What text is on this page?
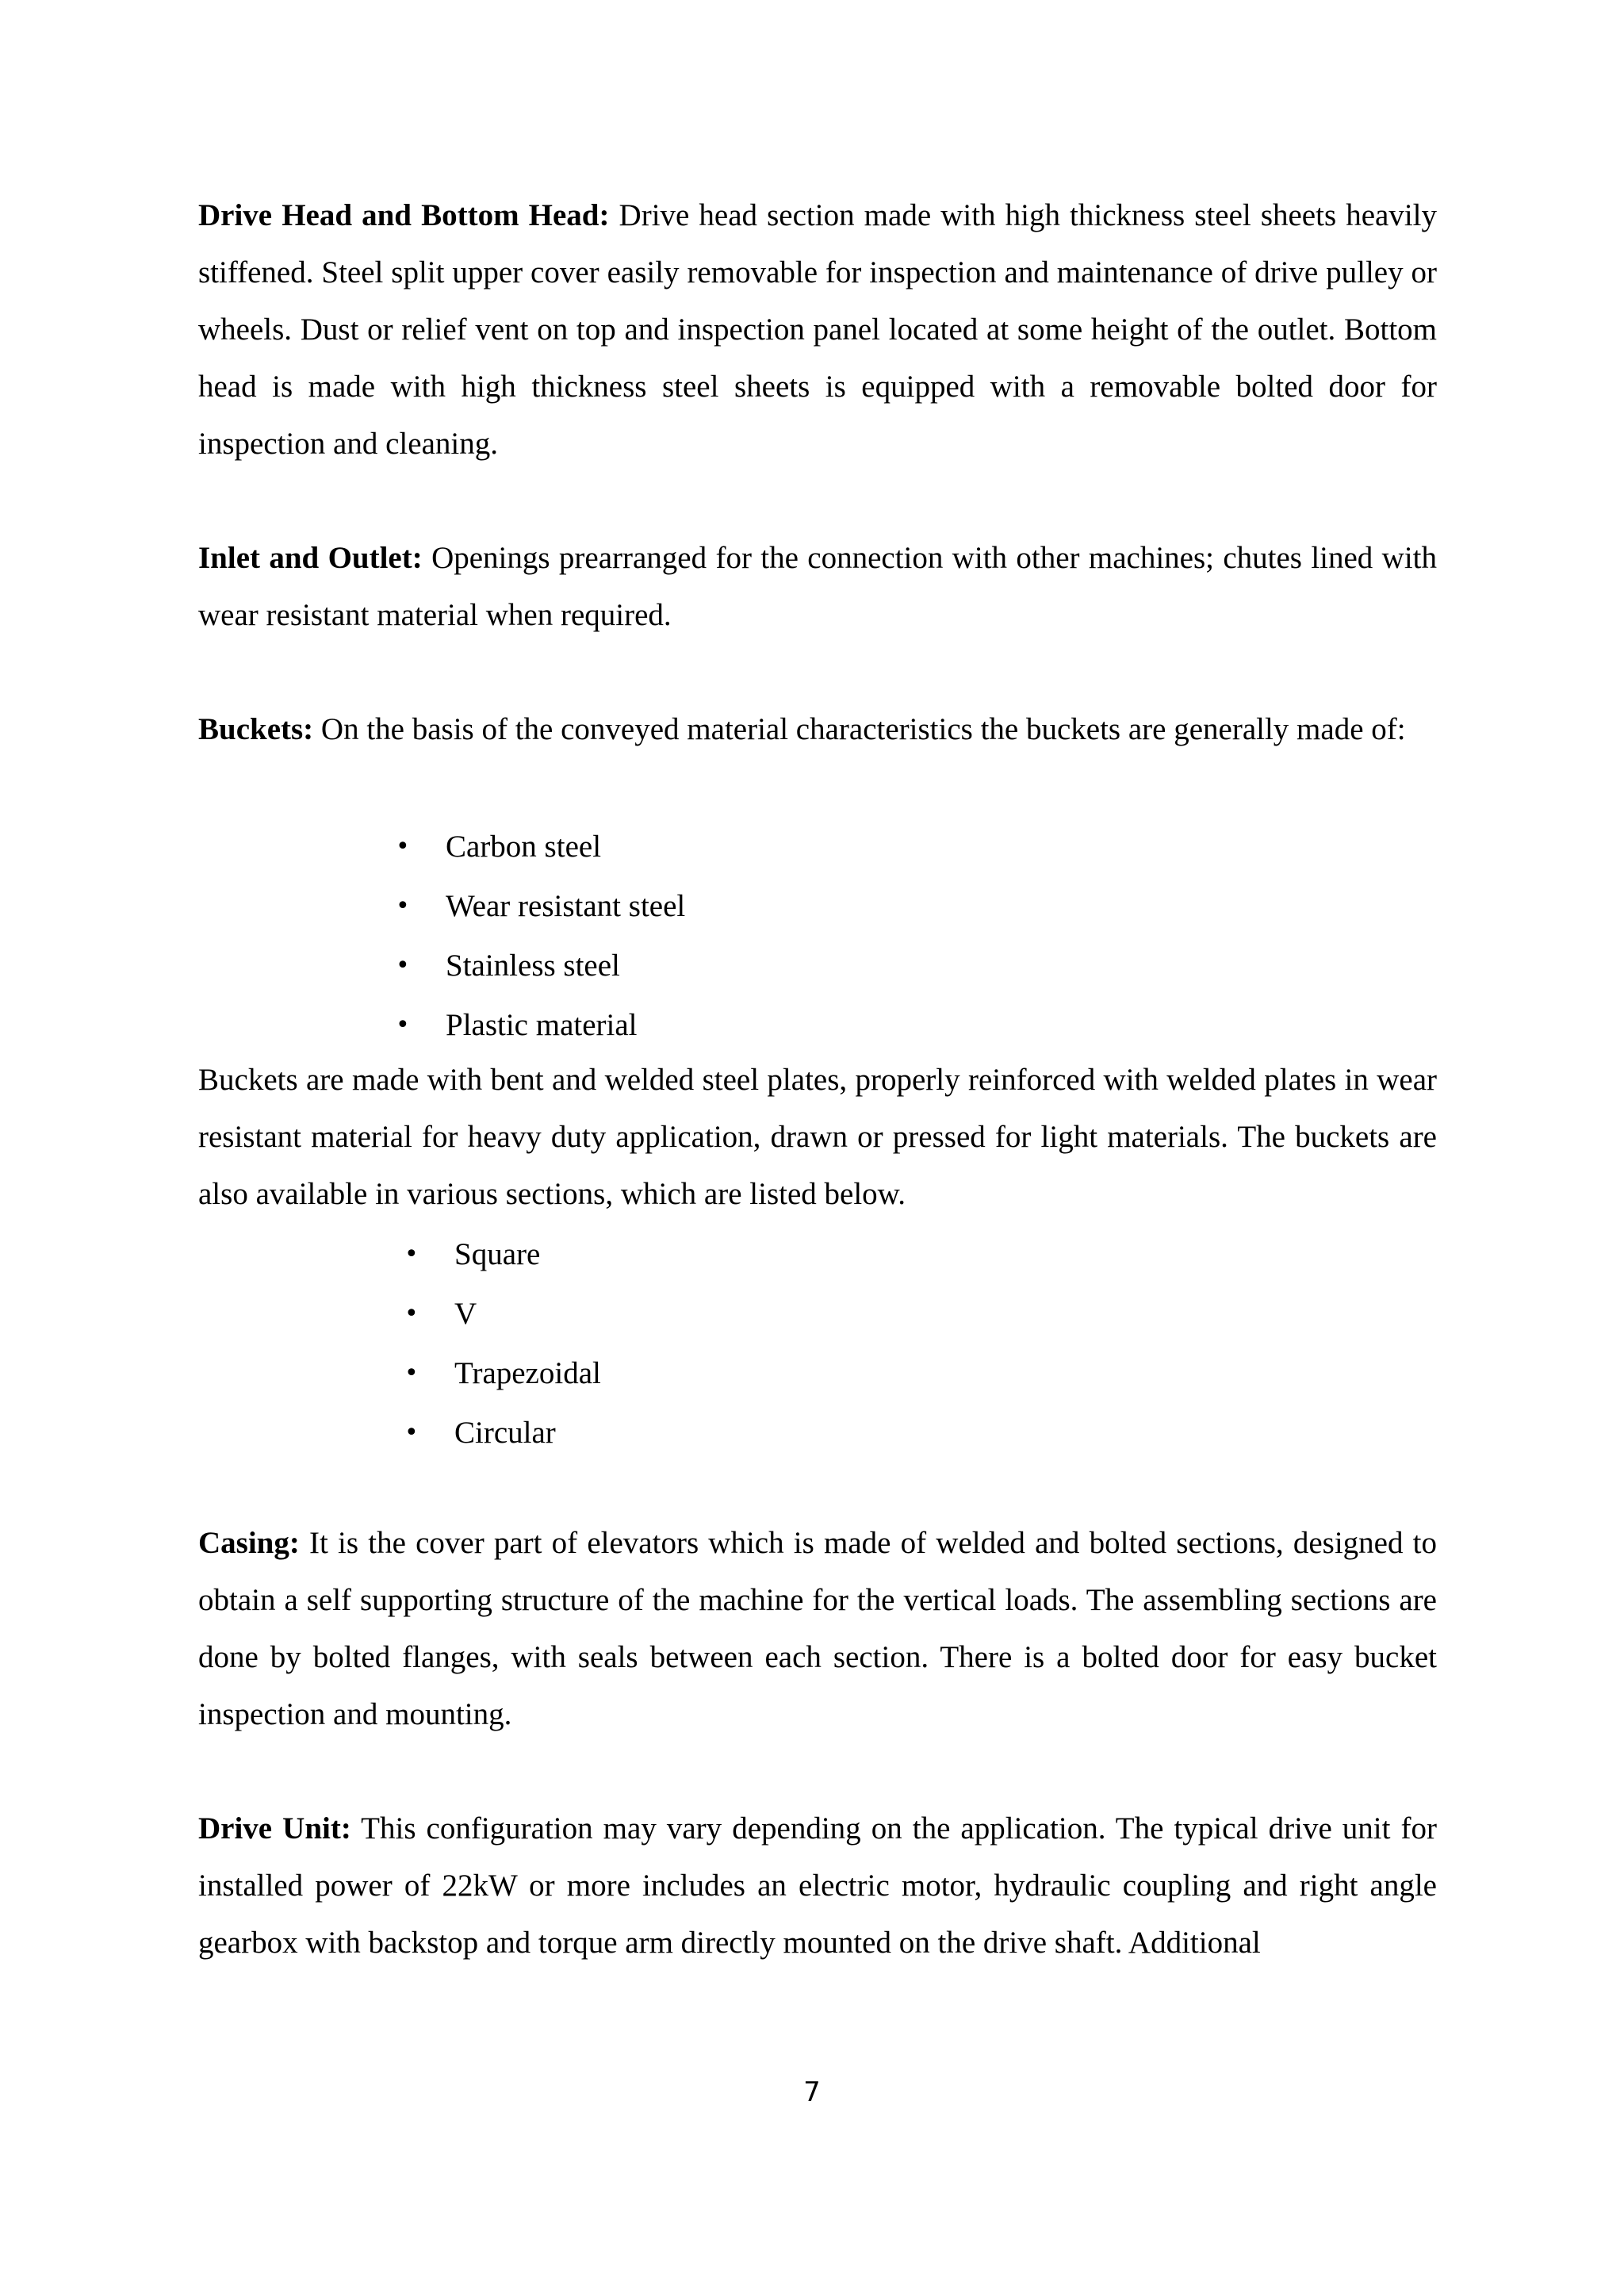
Drive Head and Bottom Head: Drive head section made with high thickness steel sheets heavily stiffened. Steel split upper cover easily removable for inspection and maintenance of drive pulley or wheels. Dust or relief vent on top and inspection panel located at some height of the outlet. Bottom head is made with high thickness steel sheets is equipped with a removable bolted door for inspection and cleaning.

Inlet and Outlet: Openings prearranged for the connection with other machines; chutes lined with wear resistant material when required.

Buckets: On the basis of the conveyed material characteristics the buckets are generally made of:

• Carbon steel
• Wear resistant steel
• Stainless steel
• Plastic material

Buckets are made with bent and welded steel plates, properly reinforced with welded plates in wear resistant material for heavy duty application, drawn or pressed for light materials. The buckets are also available in various sections, which are listed below.

• Square
• V
• Trapezoidal
• Circular

Casing: It is the cover part of elevators which is made of welded and bolted sections, designed to obtain a self supporting structure of the machine for the vertical loads. The assembling sections are done by bolted flanges, with seals between each section. There is a bolted door for easy bucket inspection and mounting.

Drive Unit: This configuration may vary depending on the application. The typical drive unit for installed power of 22kW or more includes an electric motor, hydraulic coupling and right angle gearbox with backstop and torque arm directly mounted on the drive shaft. Additional

7
